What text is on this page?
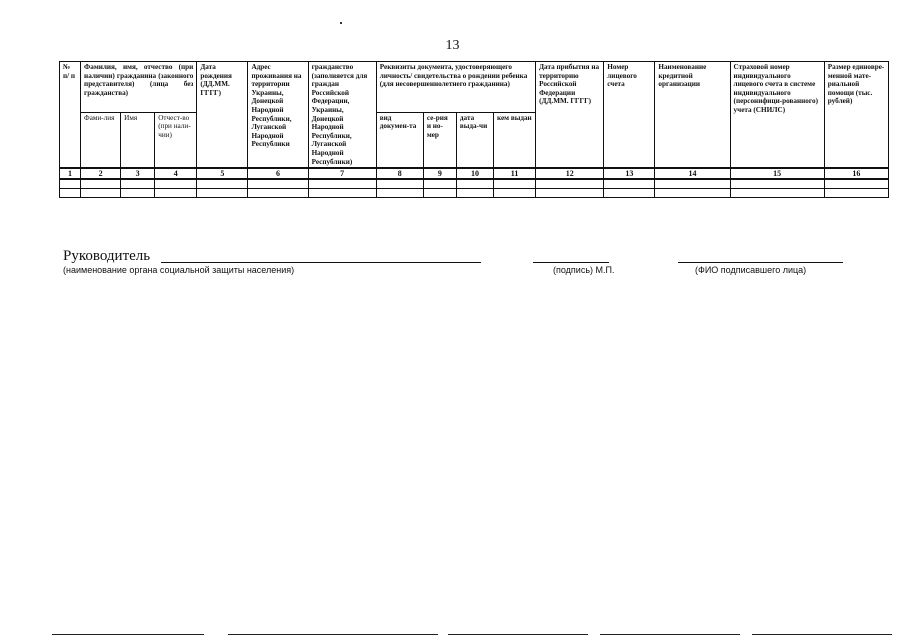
13
№ п/ п	Фамилия, имя, отчество (при наличии) гражданина (законного представителя) (лица без гражданства)			Дата рождения (ДД.ММ. ГГГГ)	Адрес проживания на территории Украины, Донецкой Народной Республики, Луганской Народной Республики	гражданство (заполняется для граждан Российской Федерации, Украины, Донецкой Народной Республики, Луганской Народной Республики)	Реквизиты документа, удостоверяющего личность/ свидетельства о рождении ребенка (для несовершеннолетнего гражданина)				Дата прибытия на территорию Российской Федерации (ДД.ММ. ГГГГ)	Номер лицевого счета	Наименование кредитной организации	Страховой номер индивидуального лицевого счета в системе индивидуального (персонифици-рованного) учета (СНИЛС)	Размер единовре-менной мате-риальной помощи (тыс. рублей)
	Фами-лия	Имя	Отчест-во (при нали-чии)				вид докумен-та	се-рия и но-мер	дата выда-чи	кем выдан					
1	2	3	4	5	6	7	8	9	10	11	12	13	14	15	16

Руководитель
(наименование органа социальной защиты населения)	(подпись) М.П.	(ФИО подписавшего лица)
